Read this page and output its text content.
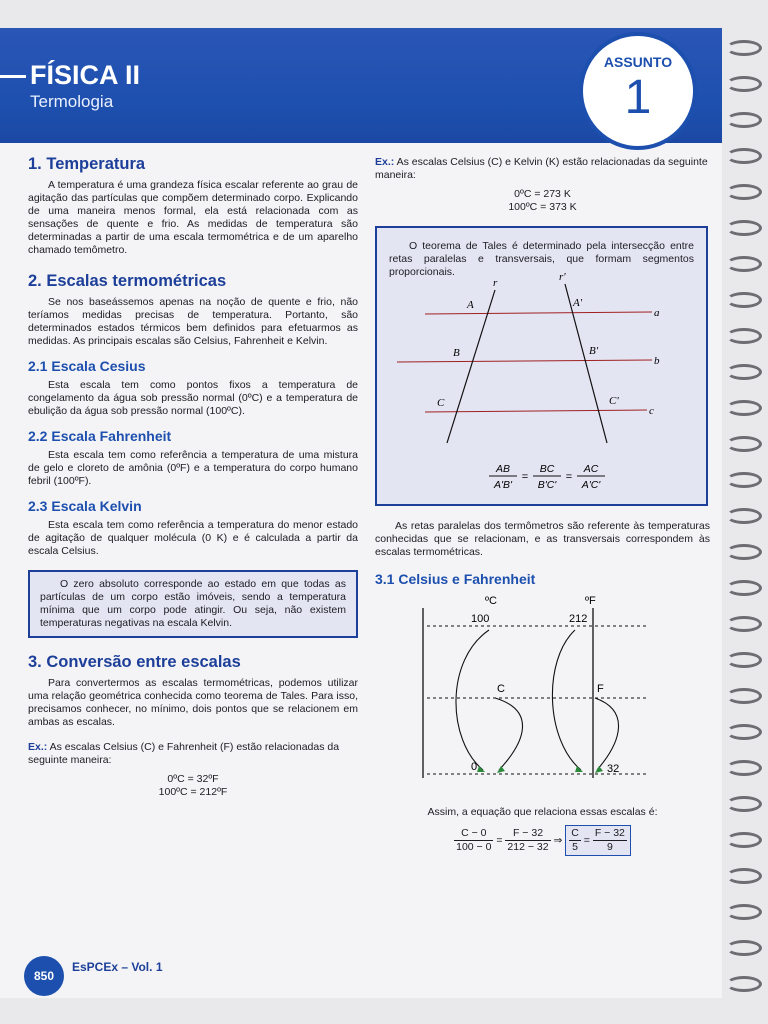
FÍSICA II
Termologia
ASSUNTO
1
1. Temperatura

A temperatura é uma grandeza física escalar referente ao grau de agitação das partículas que compõem determinado corpo. Explicando de uma maneira menos formal, ela está relacionada com as sensações de quente e frio. As medidas de temperatura são determinadas a partir de uma escala termométrica e de um aparelho chamado temômetro.

2. Escalas termométricas

Se nos baseássemos apenas na noção de quente e frio, não teríamos medidas precisas de temperatura. Portanto, são determinados estados térmicos bem definidos para efetuarmos as medidas. As principais escalas são Celsius, Fahrenheit e Kelvin.

2.1 Escala Cesius

Esta escala tem como pontos fixos a temperatura de congelamento da água sob pressão normal (0ºC) e a temperatura de ebulição da água sob pressão normal (100ºC).

2.2 Escala Fahrenheit

Esta escala tem como referência a temperatura de uma mistura de gelo e cloreto de amônia (0ºF) e a temperatura do corpo humano febril (100ºF).

2.3 Escala Kelvin

Esta escala tem como referência a temperatura do menor estado de agitação de qualquer molécula (0 K) e é calculada a partir da escala Celsius.

O zero absoluto corresponde ao estado em que todas as partículas de um corpo estão imóveis, sendo a temperatura mínima que um corpo pode atingir. Ou seja, não existem temperaturas negativas na escala Kelvin.

3. Conversão entre escalas

Para convertermos as escalas termométricas, podemos utilizar uma relação geométrica conhecida como teorema de Tales. Para isso, precisamos conhecer, no mínimo, dois pontos que se relacionem em ambas as escalas.

Ex.: As escalas Celsius (C) e Fahrenheit (F) estão relacionadas da seguinte maneira:
0ºC = 32ºF
100ºC = 212ºF
Ex.: As escalas Celsius (C) e Kelvin (K) estão relacionadas da seguinte maneira:
0ºC = 273 K
100ºC = 373 K

O teorema de Tales é determinado pela intersecção entre retas paralelas e transversais, que formam segmentos proporcionais.

r	r'
A	A'
B	B'
C	C'
a
b
c
AB
A'B'
=
BC
B'C'
=
AC
A'C'

As retas paralelas dos termômetros são referente às temperaturas conhecidas que se relacionam, e as transversais correspondem às escalas termométricas.

3.1 Celsius e Fahrenheit
ºC	ºF
100	212
C	F
0	32
Assim, a equação que relaciona essas escalas é:
$\frac{C - 0}{100 - 0} = \frac{F - 32}{212 - 32}$ ⇒ $\frac{C}{5} = \frac{F - 32}{9}$
850
EsPCEx – Vol. 1
